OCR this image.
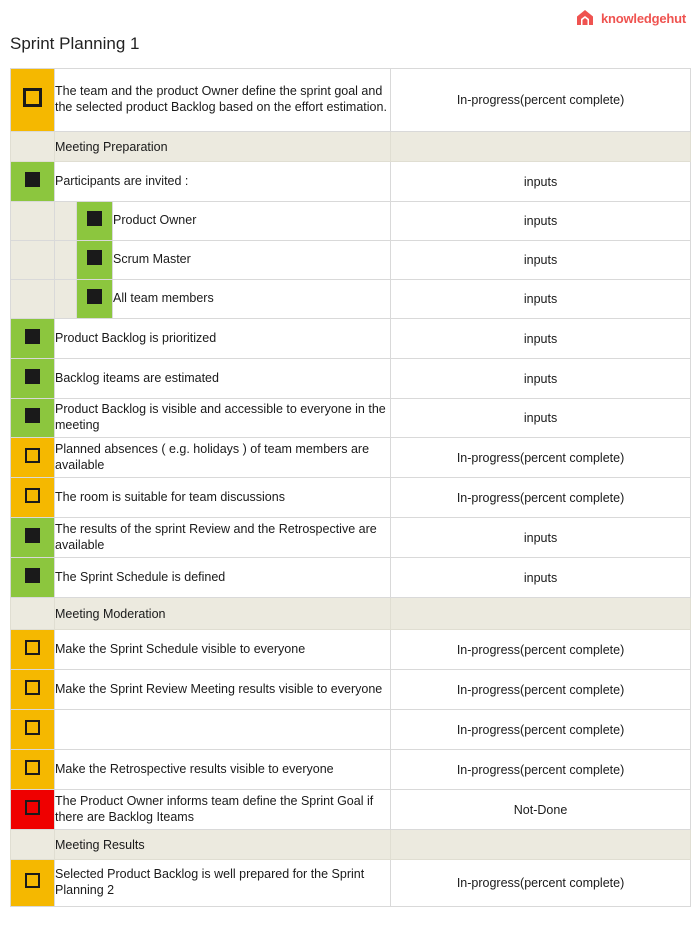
knowledgehut
Sprint Planning 1
	The team and the product Owner define the sprint goal and the selected product Backlog based on the effort estimation.			In-progress(percent complete)
	Meeting Preparation			
	Participants are invited :			inputs
			Product Owner	inputs
			Scrum Master	inputs
			All team members	inputs
	Product Backlog is prioritized			inputs
	Backlog iteams are estimated			inputs
	Product Backlog is visible and accessible to everyone in the meeting			inputs
	Planned absences ( e.g. holidays ) of team members are available			In-progress(percent complete)
	The room is suitable for team discussions			In-progress(percent complete)
	The results of the sprint Review and the Retrospective are available			inputs
	The Sprint Schedule is defined			inputs
	Meeting Moderation			
	Make the Sprint Schedule visible to everyone			In-progress(percent complete)
	Make the Sprint Review Meeting results visible to everyone			In-progress(percent complete)
				In-progress(percent complete)
	Make the Retrospective results visible to everyone			In-progress(percent complete)
	The Product Owner informs team define the Sprint Goal if there are Backlog Iteams			Not-Done
	Meeting Results			
	Selected Product Backlog is well prepared for the Sprint Planning 2			In-progress(percent complete)
